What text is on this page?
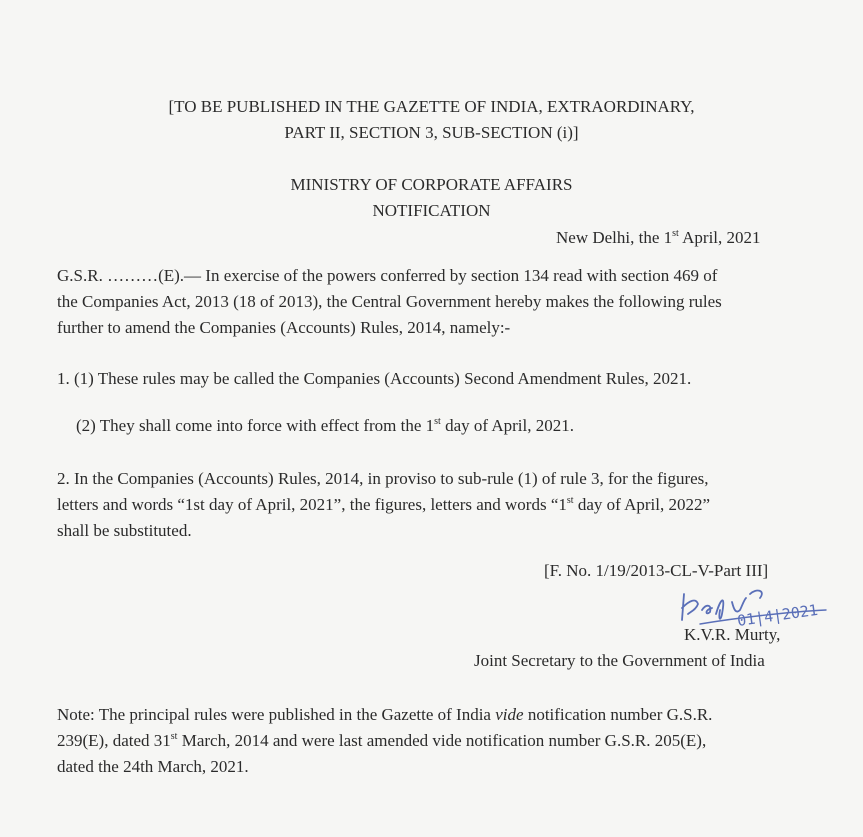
[TO BE PUBLISHED IN THE GAZETTE OF INDIA, EXTRAORDINARY,

PART II, SECTION 3, SUB-SECTION (i)]

MINISTRY OF CORPORATE AFFAIRS

NOTIFICATION

New Delhi, the 1st April, 2021

G.S.R. ………(E).— In exercise of the powers conferred by section 134 read with section 469 of

the Companies Act, 2013 (18 of 2013), the Central Government hereby makes the following rules

further to amend the Companies (Accounts) Rules, 2014, namely:-

1. (1) These rules may be called the Companies (Accounts) Second Amendment Rules, 2021.

(2) They shall come into force with effect from the 1st day of April, 2021.

2. In the Companies (Accounts) Rules, 2014, in proviso to sub-rule (1) of rule 3, for the figures,

letters and words “1st day of April, 2021”, the figures, letters and words “1st day of April, 2022”

shall be substituted.

[F. No. 1/19/2013-CL-V-Part III]

01|4|2021

K.V.R. Murty,

Joint Secretary to the Government of India

Note: The principal rules were published in the Gazette of India vide notification number G.S.R.

239(E), dated 31st March, 2014 and were last amended vide notification number G.S.R. 205(E),

dated the 24th March, 2021.
